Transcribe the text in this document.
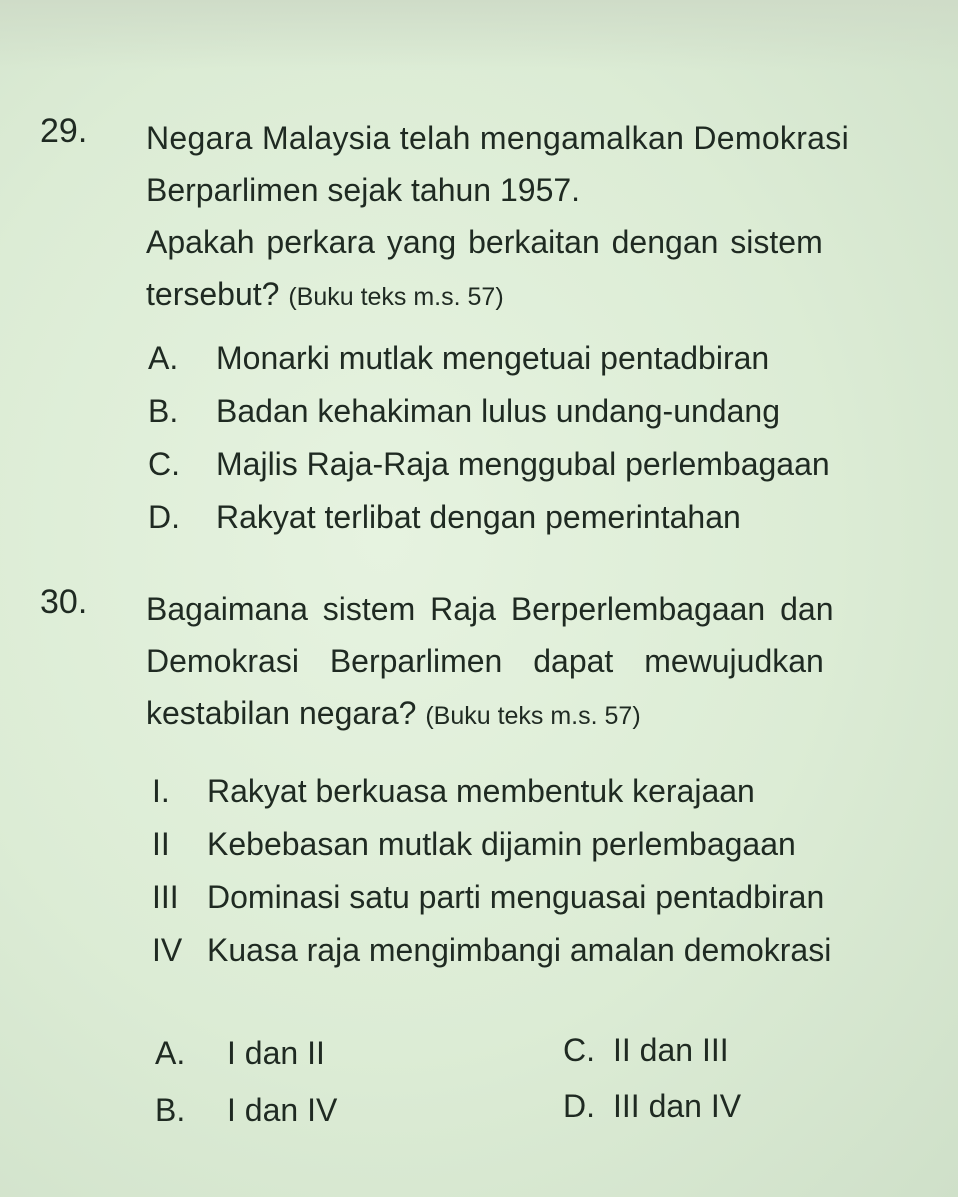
29. Negara Malaysia telah mengamalkan Demokrasi
Berparlimen sejak tahun 1957.
Apakah perkara yang berkaitan dengan sistem
tersebut? (Buku teks m.s. 57)
A. Monarki mutlak mengetuai pentadbiran
B. Badan kehakiman lulus undang-undang
C. Majlis Raja-Raja menggubal perlembagaan
D. Rakyat terlibat dengan pemerintahan
30. Bagaimana sistem Raja Berperlembagaan dan
Demokrasi Berparlimen dapat mewujudkan
kestabilan negara? (Buku teks m.s. 57)
I. Rakyat berkuasa membentuk kerajaan
II Kebebasan mutlak dijamin perlembagaan
III Dominasi satu parti menguasai pentadbiran
IV Kuasa raja mengimbangi amalan demokrasi
A. I dan II
B. I dan IV
C. II dan III
D. III dan IV
